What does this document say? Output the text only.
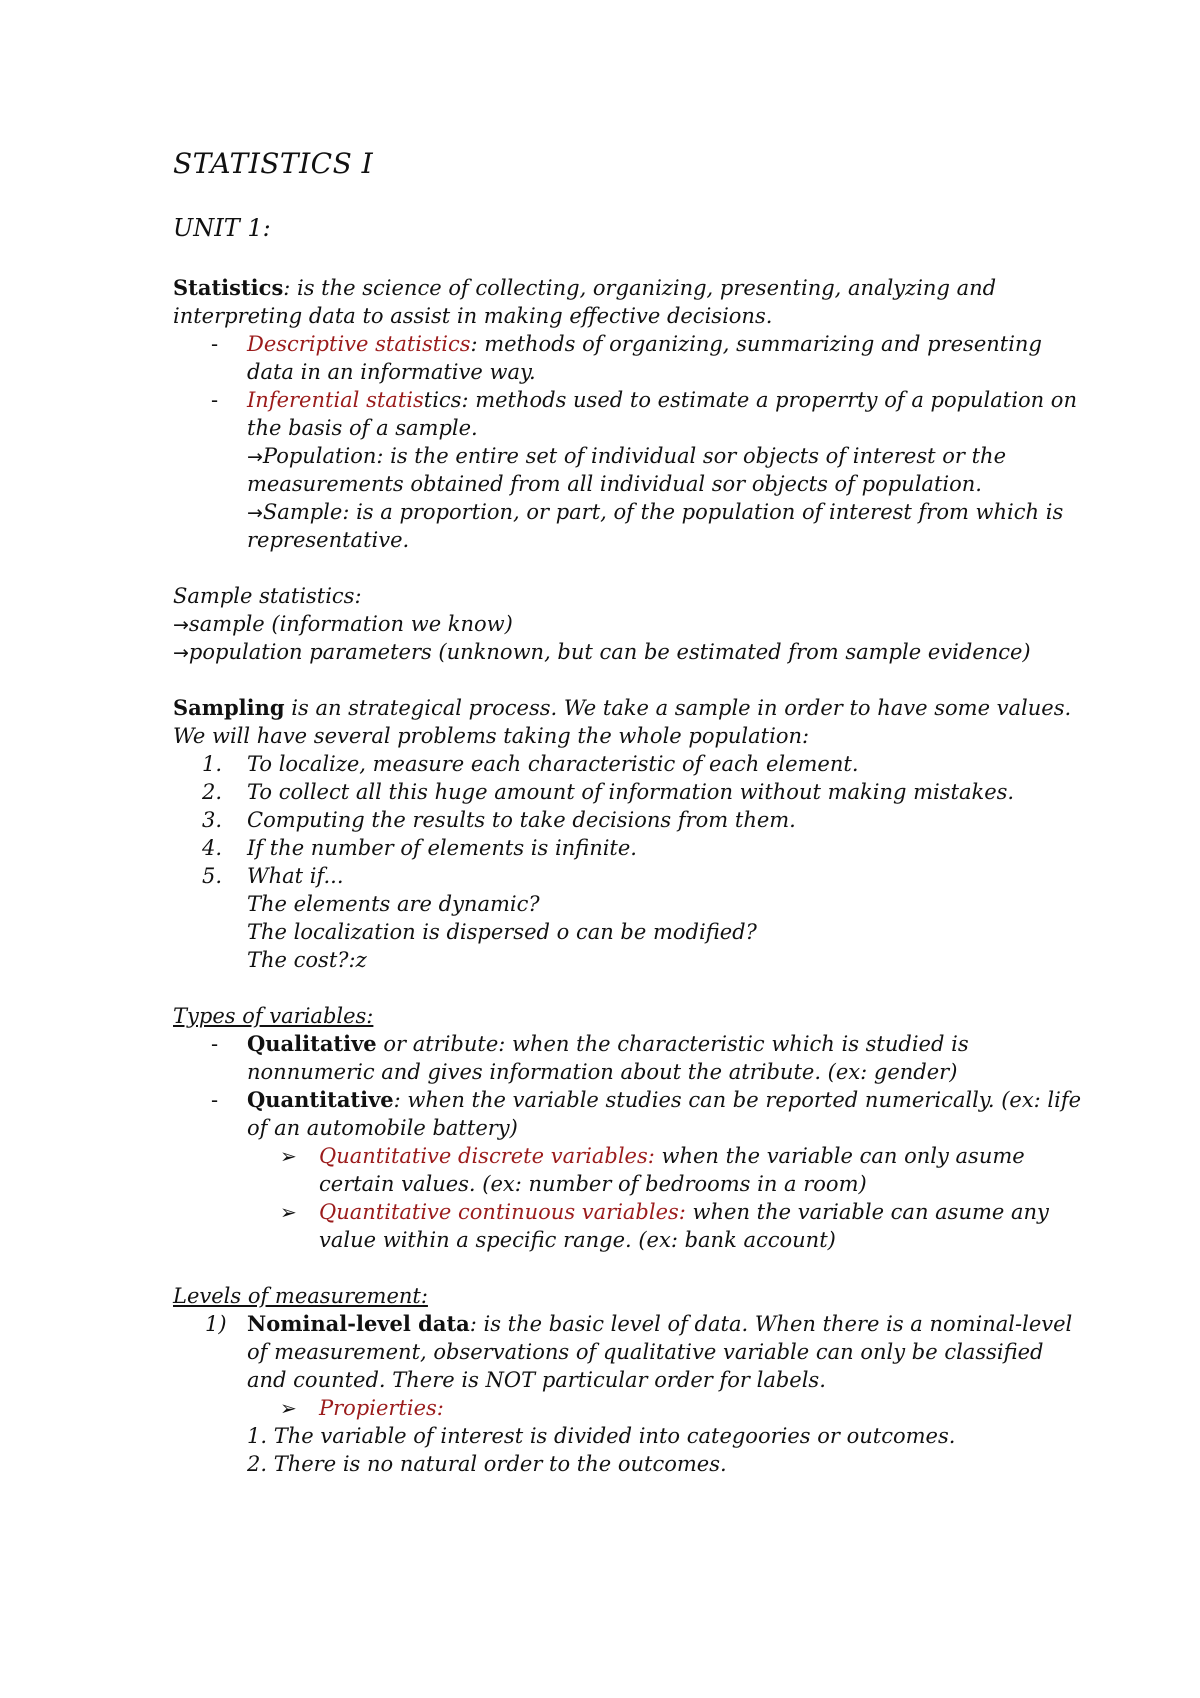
STATISTICS I
UNIT 1:
Statistics: is the science of collecting, organizing, presenting, analyzing and
interpreting data to assist in making effective decisions.
- Descriptive statistics: methods of organizing, summarizing and presenting
data in an informative way.
- Inferential statistics: methods used to estimate a properrty of a population on
the basis of a sample.
→Population: is the entire set of individual sor objects of interest or the
measurements obtained from all individual sor objects of population.
→Sample: is a proportion, or part, of the population of interest from which is
representative.
Sample statistics:
→sample (information we know)
→population parameters (unknown, but can be estimated from sample evidence)
Sampling is an strategical process. We take a sample in order to have some values.
We will have several problems taking the whole population:
1. To localize, measure each characteristic of each element.
2. To collect all this huge amount of information without making mistakes.
3. Computing the results to take decisions from them.
4. If the number of elements is infinite.
5. What if...
The elements are dynamic?
The localization is dispersed o can be modified?
The cost?:z
Types of variables:
- Qualitative or atribute: when the characteristic which is studied is
nonnumeric and gives information about the atribute. (ex: gender)
- Quantitative: when the variable studies can be reported numerically. (ex: life
of an automobile battery)
➢ Quantitative discrete variables: when the variable can only asume
certain values. (ex: number of bedrooms in a room)
➢ Quantitative continuous variables: when the variable can asume any
value within a specific range. (ex: bank account)
Levels of measurement:
1) Nominal-level data: is the basic level of data. When there is a nominal-level
of measurement, observations of qualitative variable can only be classified
and counted. There is NOT particular order for labels.
➢ Propierties:
1. The variable of interest is divided into categoories or outcomes.
2. There is no natural order to the outcomes.
